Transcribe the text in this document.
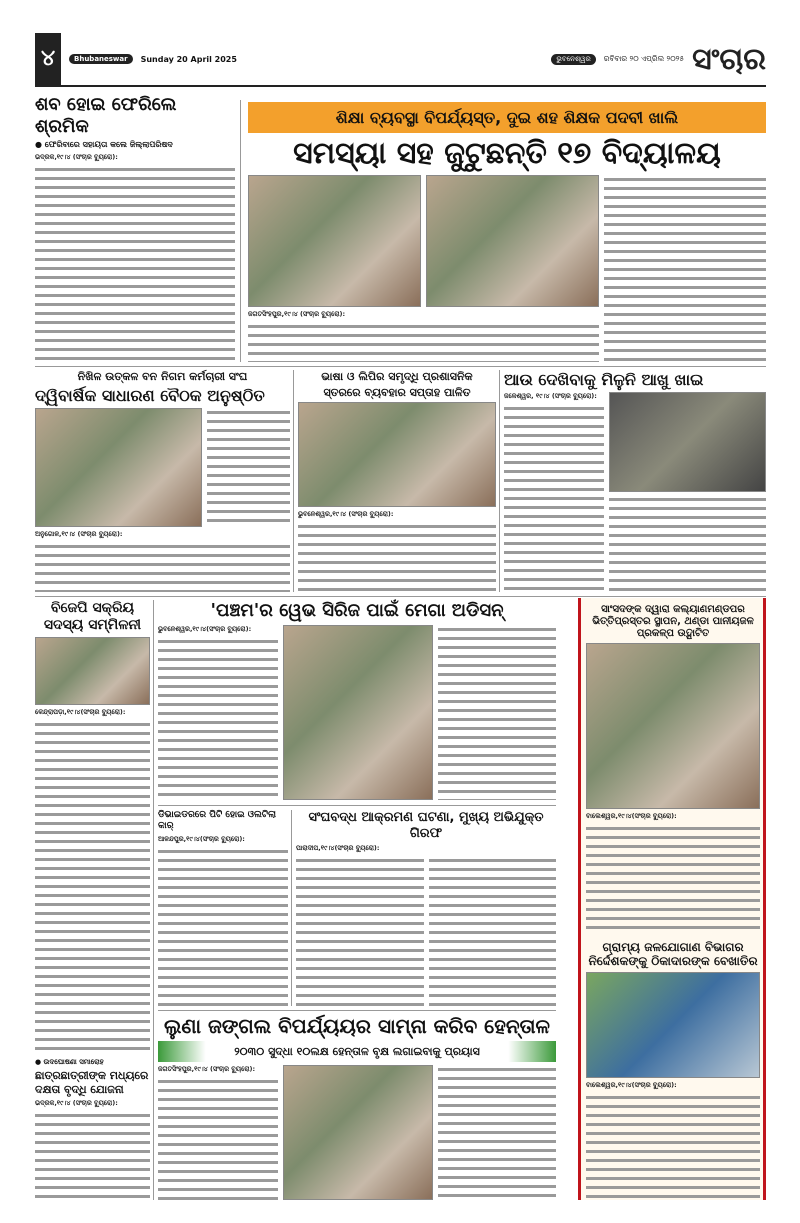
୪	Bhubaneswar	Sunday 20 April 2025	ଭୁବନେଶ୍ୱର	ରବିବାର ୨୦ ଏପ୍ରିଲ ୨୦୨୫ ସଂଚାର
ଶବ ହୋଇ ଫେରିଲେ ଶ୍ରମିକ
● ଫେରିବାରେ ସହାୟତା କଲେ ଜିଲ୍ଲାପରିଷଦ
ଭଦ୍ରକ,୧୯।୪ (ସଂଚାର ବ୍ୟୁରୋ):
ଶିକ୍ଷା ବ୍ୟବସ୍ଥା ବିପର୍ଯ୍ୟସ୍ତ, ଦୁଇ ଶହ ଶିକ୍ଷକ ପଦବୀ ଖାଲି
ସମସ୍ୟା ସହ ଜୁଟୁଛନ୍ତି ୧୭ ବିଦ୍ୟାଳୟ
ଜଗତସିଂହପୁର,୧୯।୪ (ସଂଚାର ବ୍ୟୁରୋ):
ନିଖିଳ ଉତ୍କଳ ବନ ନିଗମ କର୍ମଚାରୀ ସଂଘ
ଦ୍ୱିବାର୍ଷିକ ସାଧାରଣ ବୈଠକ ଅନୁଷ୍ଠିତ
ଅନୁଗୋଳ,୧୯।୪ (ସଂଚାର ବ୍ୟୁରୋ):
ଭାଷା ଓ ଲିପିର ସମୃଦ୍ଧି ପ୍ରଶାସନିକ
ସ୍ତରରେ ବ୍ୟବହାର ସପ୍ତାହ ପାଳିତ
ଭୁବନେଶ୍ୱର,୧୯।୪ (ସଂଚାର ବ୍ୟୁରୋ):
ଆଉ ଦେଖିବାକୁ ମିଳୁନି ଆଖୁ ଖାଇ
ଜଳେଶ୍ୱର, ୧୯।୪ (ସଂଚାର ବ୍ୟୁରୋ):
ବିଜେପି ସକ୍ରିୟ ସଦସ୍ୟ ସମ୍ମିଳନୀ
କେନ୍ଦ୍ରାପଡ଼ା,୧୯।୪(ସଂଚାର ବ୍ୟୁରୋ):
'ପଞ୍ଚମ'ର ୱେଭ ସିରିଜ ପାଇଁ ମେଗା ଅଡିସନ୍
ଭୁବନେଶ୍ୱର,୧୯।୪(ସଂଚାର ବ୍ୟୁରୋ):
ଡିଭାଇଡରରେ ପିଟି ହୋଇ ଓଲଟିଲା କାର୍
ଆଳନ୍ଦପୁର,୧୯।୪(ସଂଚାର ବ୍ୟୁରୋ):
ସଂଘବଦ୍ଧ ଆକ୍ରମଣ ଘଟଣା, ମୁଖ୍ୟ ଅଭିଯୁକ୍ତ ଗିରଫ
ପାରାଦୀପ,୧୯।୪(ସଂଚାର ବ୍ୟୁରୋ):
ଲୁଣା ଜଙ୍ଗଲ ବିପର୍ଯ୍ୟୟର ସାମ୍ନା କରିବ ହେନ୍ତାଳ
୨୦୩୦ ସୁଦ୍ଧା ୧୦ଲକ୍ଷ ହେନ୍ତାଳ ବୃକ୍ଷ ଲଗାଇବାକୁ ପ୍ରୟାସ
ଜଗତସିଂହପୁର,୧୯।୪ (ସଂଚାର ବ୍ୟୁରୋ):
● ଉଦଘୋଷଣା ସମାରୋହ
ଛାତ୍ରଛାତ୍ରୀଙ୍କ ମଧ୍ୟରେ ଦକ୍ଷତା ବୃଦ୍ଧି ଯୋଜନା
ଭଦ୍ରକ,୧୯।୪ (ସଂଚାର ବ୍ୟୁରୋ):
ସାଂସଦଙ୍କ ଦ୍ୱାରା କଲ୍ୟାଣମଣ୍ଡପର ଭିତ୍ତିପ୍ରସ୍ତର ସ୍ଥାପନ, ଥଣ୍ଡା ପାନୀୟଜଳ ପ୍ରକଳ୍ପ ଉଦ୍ଘାଟିତ
ବାଲେଶ୍ୱର,୧୯।୪(ସଂଚାର ବ୍ୟୁରୋ):
ଗ୍ରାମ୍ୟ ଜଳଯୋଗାଣ ବିଭାଗର ନିର୍ଦ୍ଦେଶକଙ୍କୁ ଠିକାଦାରଙ୍କ ବେଖାତିର
ବାଲେଶ୍ୱର,୧୯।୪(ସଂଚାର ବ୍ୟୁରୋ):
